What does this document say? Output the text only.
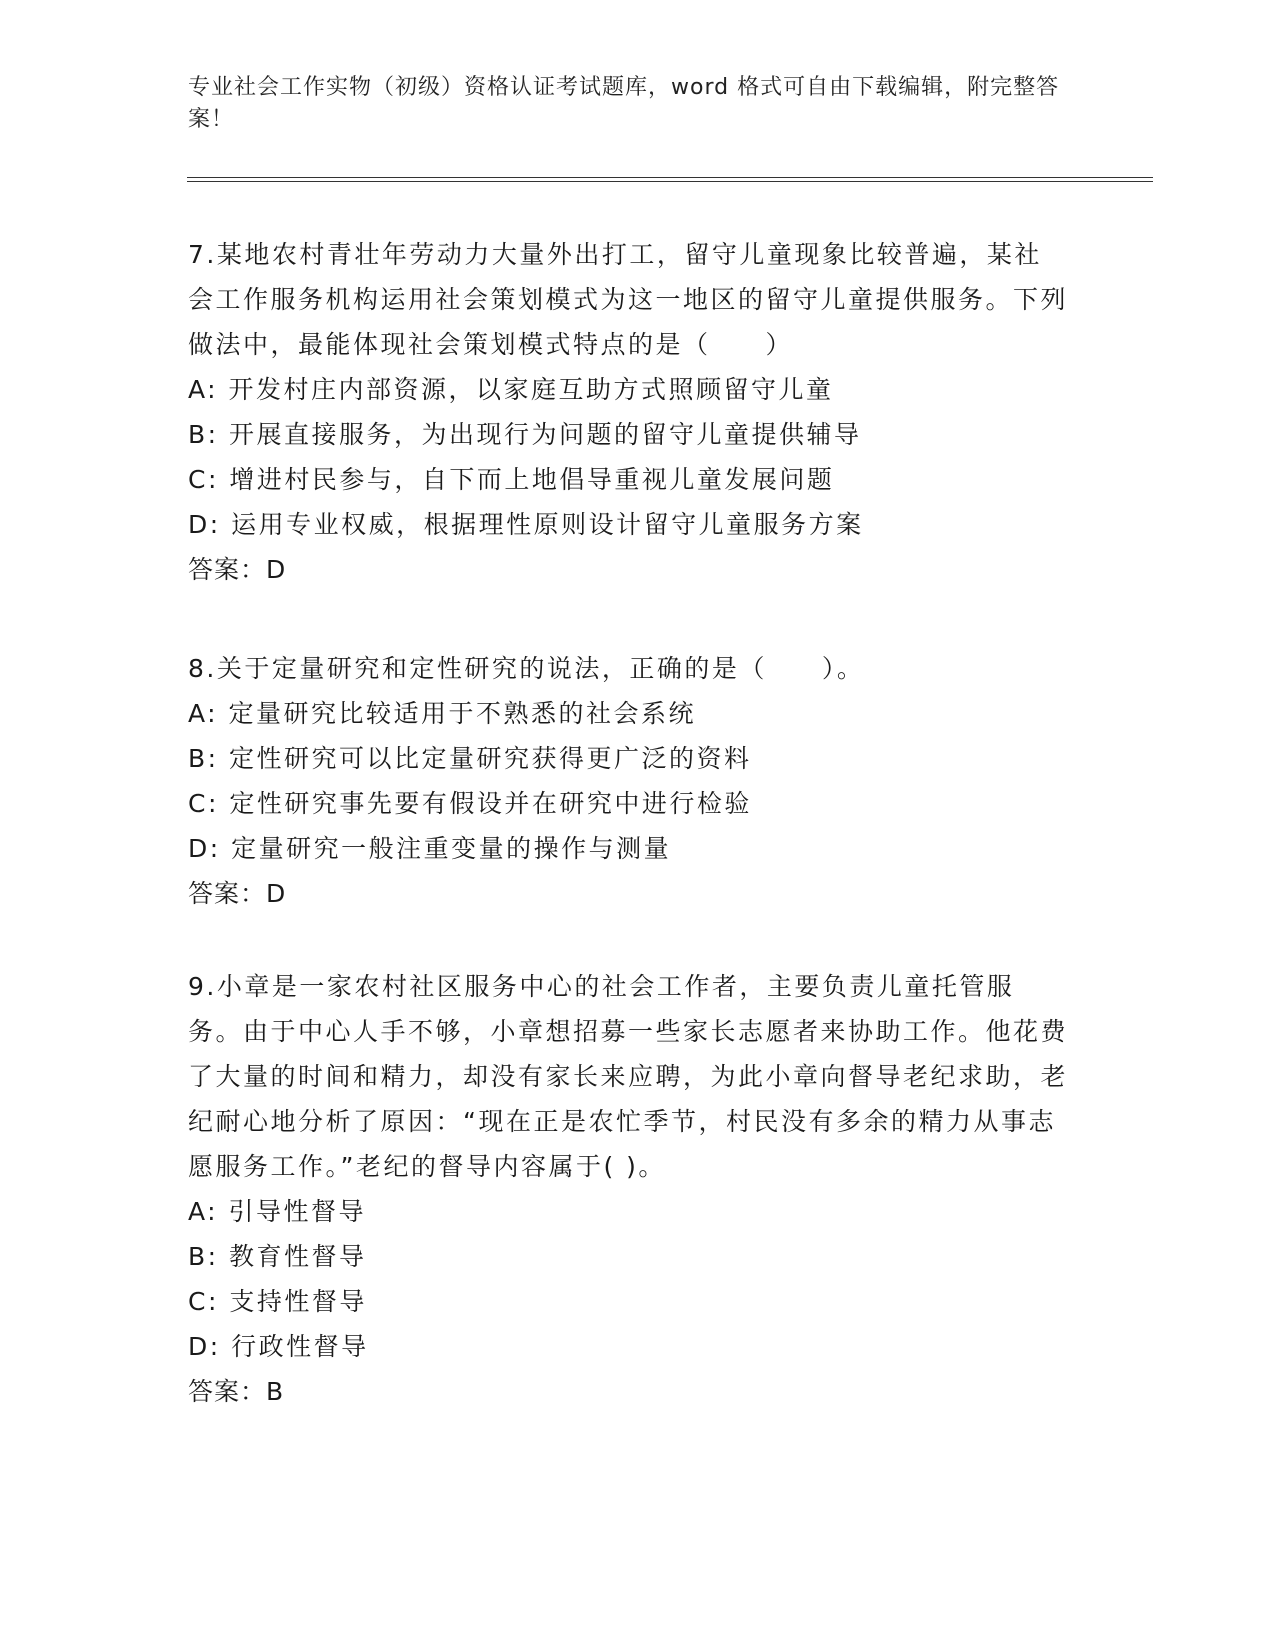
专业社会工作实物（初级）资格认证考试题库，word 格式可自由下载编辑，附完整答案！

7.某地农村青壮年劳动力大量外出打工，留守儿童现象比较普遍，某社会工作服务机构运用社会策划模式为这一地区的留守儿童提供服务。下列做法中，最能体现社会策划模式特点的是（　　）

A: 开发村庄内部资源，以家庭互助方式照顾留守儿童

B: 开展直接服务，为出现行为问题的留守儿童提供辅导

C: 增进村民参与，自下而上地倡导重视儿童发展问题

D: 运用专业权威，根据理性原则设计留守儿童服务方案

答案：D

8.关于定量研究和定性研究的说法，正确的是（　　）。

A: 定量研究比较适用于不熟悉的社会系统

B: 定性研究可以比定量研究获得更广泛的资料

C: 定性研究事先要有假设并在研究中进行检验

D: 定量研究一般注重变量的操作与测量

答案：D

9.小章是一家农村社区服务中心的社会工作者，主要负责儿童托管服务。由于中心人手不够，小章想招募一些家长志愿者来协助工作。他花费了大量的时间和精力，却没有家长来应聘，为此小章向督导老纪求助，老纪耐心地分析了原因：“现在正是农忙季节，村民没有多余的精力从事志愿服务工作。”老纪的督导内容属于( )。

A: 引导性督导

B: 教育性督导

C: 支持性督导

D: 行政性督导

答案：B
